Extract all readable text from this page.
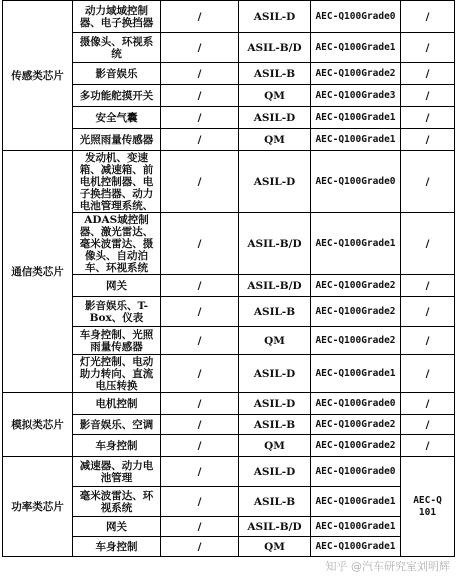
传感类芯片	动力域域控制器、电子换挡器	/	ASIL-D	AEC-Q100Grade0	/
	摄像头、环视系统	/	ASIL-B/D	AEC-Q100Grade1	/
	影音娱乐	/	ASIL-B	AEC-Q100Grade2	/
	多功能舵摸开关	/	QM	AEC-Q100Grade3	/
	安全气囊	/	ASIL-D	AEC-Q100Grade1	/
	光照雨量传感器	/	QM	AEC-Q100Grade1	/
通信类芯片	发动机、变速箱、减速箱、前电机控制器、电子换挡器、动力电池管理系统、	/	ASIL-D	AEC-Q100Grade0	/
	ADAS域控制器、激光雷达、毫米波雷达、摄像头、自动泊车、环视系统	/	ASIL-B/D	AEC-Q100Grade1	/
	网关	/	ASIL-B/D	AEC-Q100Grade2	/
	影音娱乐、T-Box、仪表	/	ASIL-B	AEC-Q100Grade2	/
	车身控制、光照雨量传感器	/	QM	AEC-Q100Grade2	/
	灯光控制、电动助力转向、直流电压转换	/	ASIL-D	AEC-Q100Grade1	/
模拟类芯片	电机控制	/	ASIL-D	AEC-Q100Grade0	/
	影音娱乐、空调	/	ASIL-B	AEC-Q100Grade2	/
	车身控制	/	QM	AEC-Q100Grade2	/
功率类芯片	减速器、动力电池管理	/	ASIL-D	AEC-Q100Grade0	AEC-Q 101
	毫米波雷达、环视系统	/	ASIL-B	AEC-Q100Grade1	
	网关	/	ASIL-B/D	AEC-Q100Grade1	
	车身控制	/	QM	AEC-Q100Grade1	
知乎 @汽车研究室刘明辉
